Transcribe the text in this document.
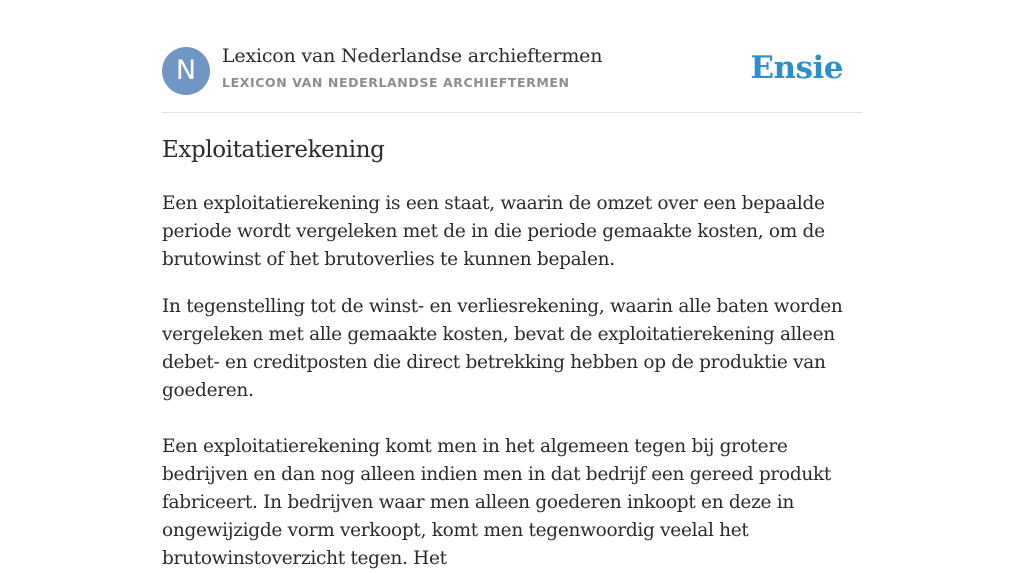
N	Lexicon van Nederlandse archieftermen
LEXICON VAN NEDERLANDSE ARCHIEFTERMEN	Ensie
Exploitatierekening

Een exploitatierekening is een staat, waarin de omzet over een bepaalde periode wordt vergeleken met de in die periode gemaakte kosten, om de brutowinst of het brutoverlies te kunnen bepalen.

In tegenstelling tot de winst- en verliesrekening, waarin alle baten worden vergeleken met alle gemaakte kosten, bevat de exploitatierekening alleen debet- en creditposten die direct betrekking hebben op de produktie van goederen.

Een exploitatierekening komt men in het algemeen tegen bij grotere bedrijven en dan nog alleen indien men in dat bedrijf een gereed produkt fabriceert. In bedrijven waar men alleen goederen inkoopt en deze in ongewijzigde vorm verkoopt, komt men tegenwoordig veelal het brutowinstoverzicht tegen. Het
